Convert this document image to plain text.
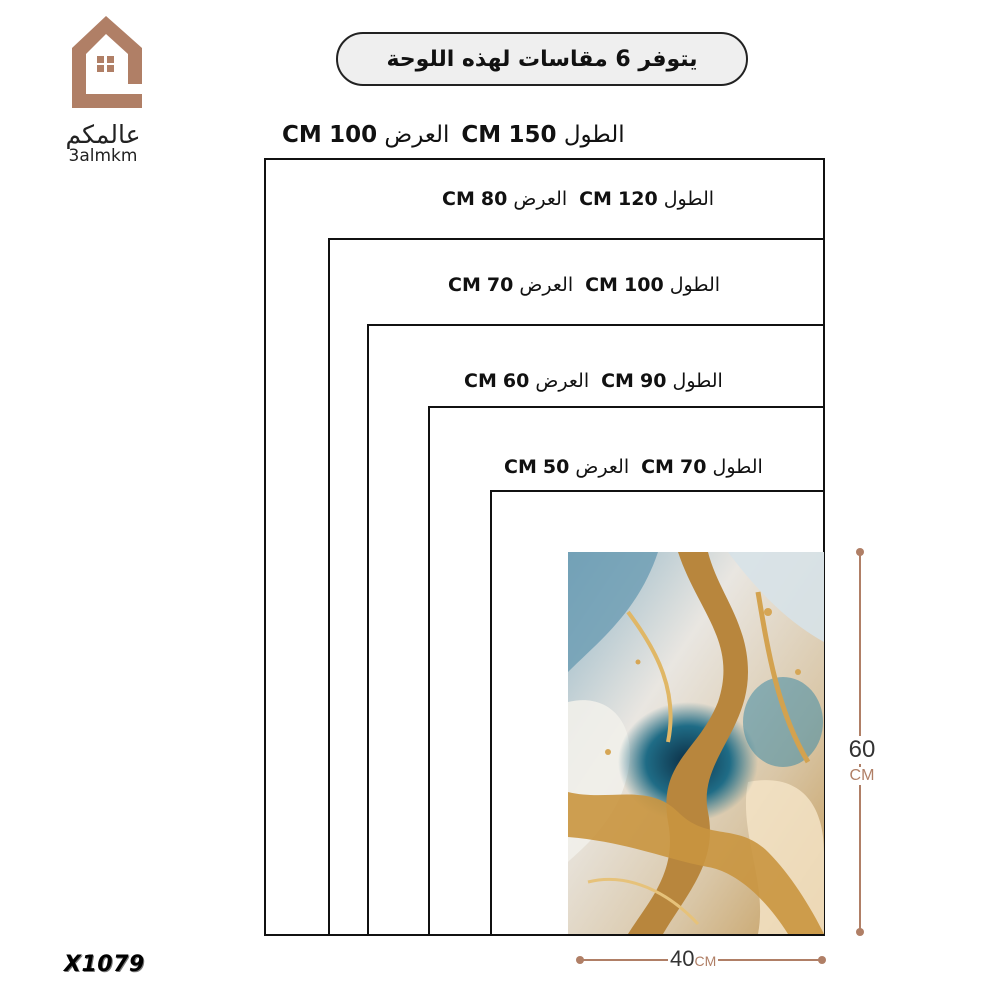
عالمكم
3almkm
يتوفر 6 مقاسات لهذه اللوحة
الطول 150 CMالعرض 100 CM
الطول 120 CMالعرض 80 CM
الطول 100 CMالعرض 70 CM
الطول 90 CMالعرض 60 CM
الطول 70 CMالعرض 50 CM
60
CM
40CM
X1079
